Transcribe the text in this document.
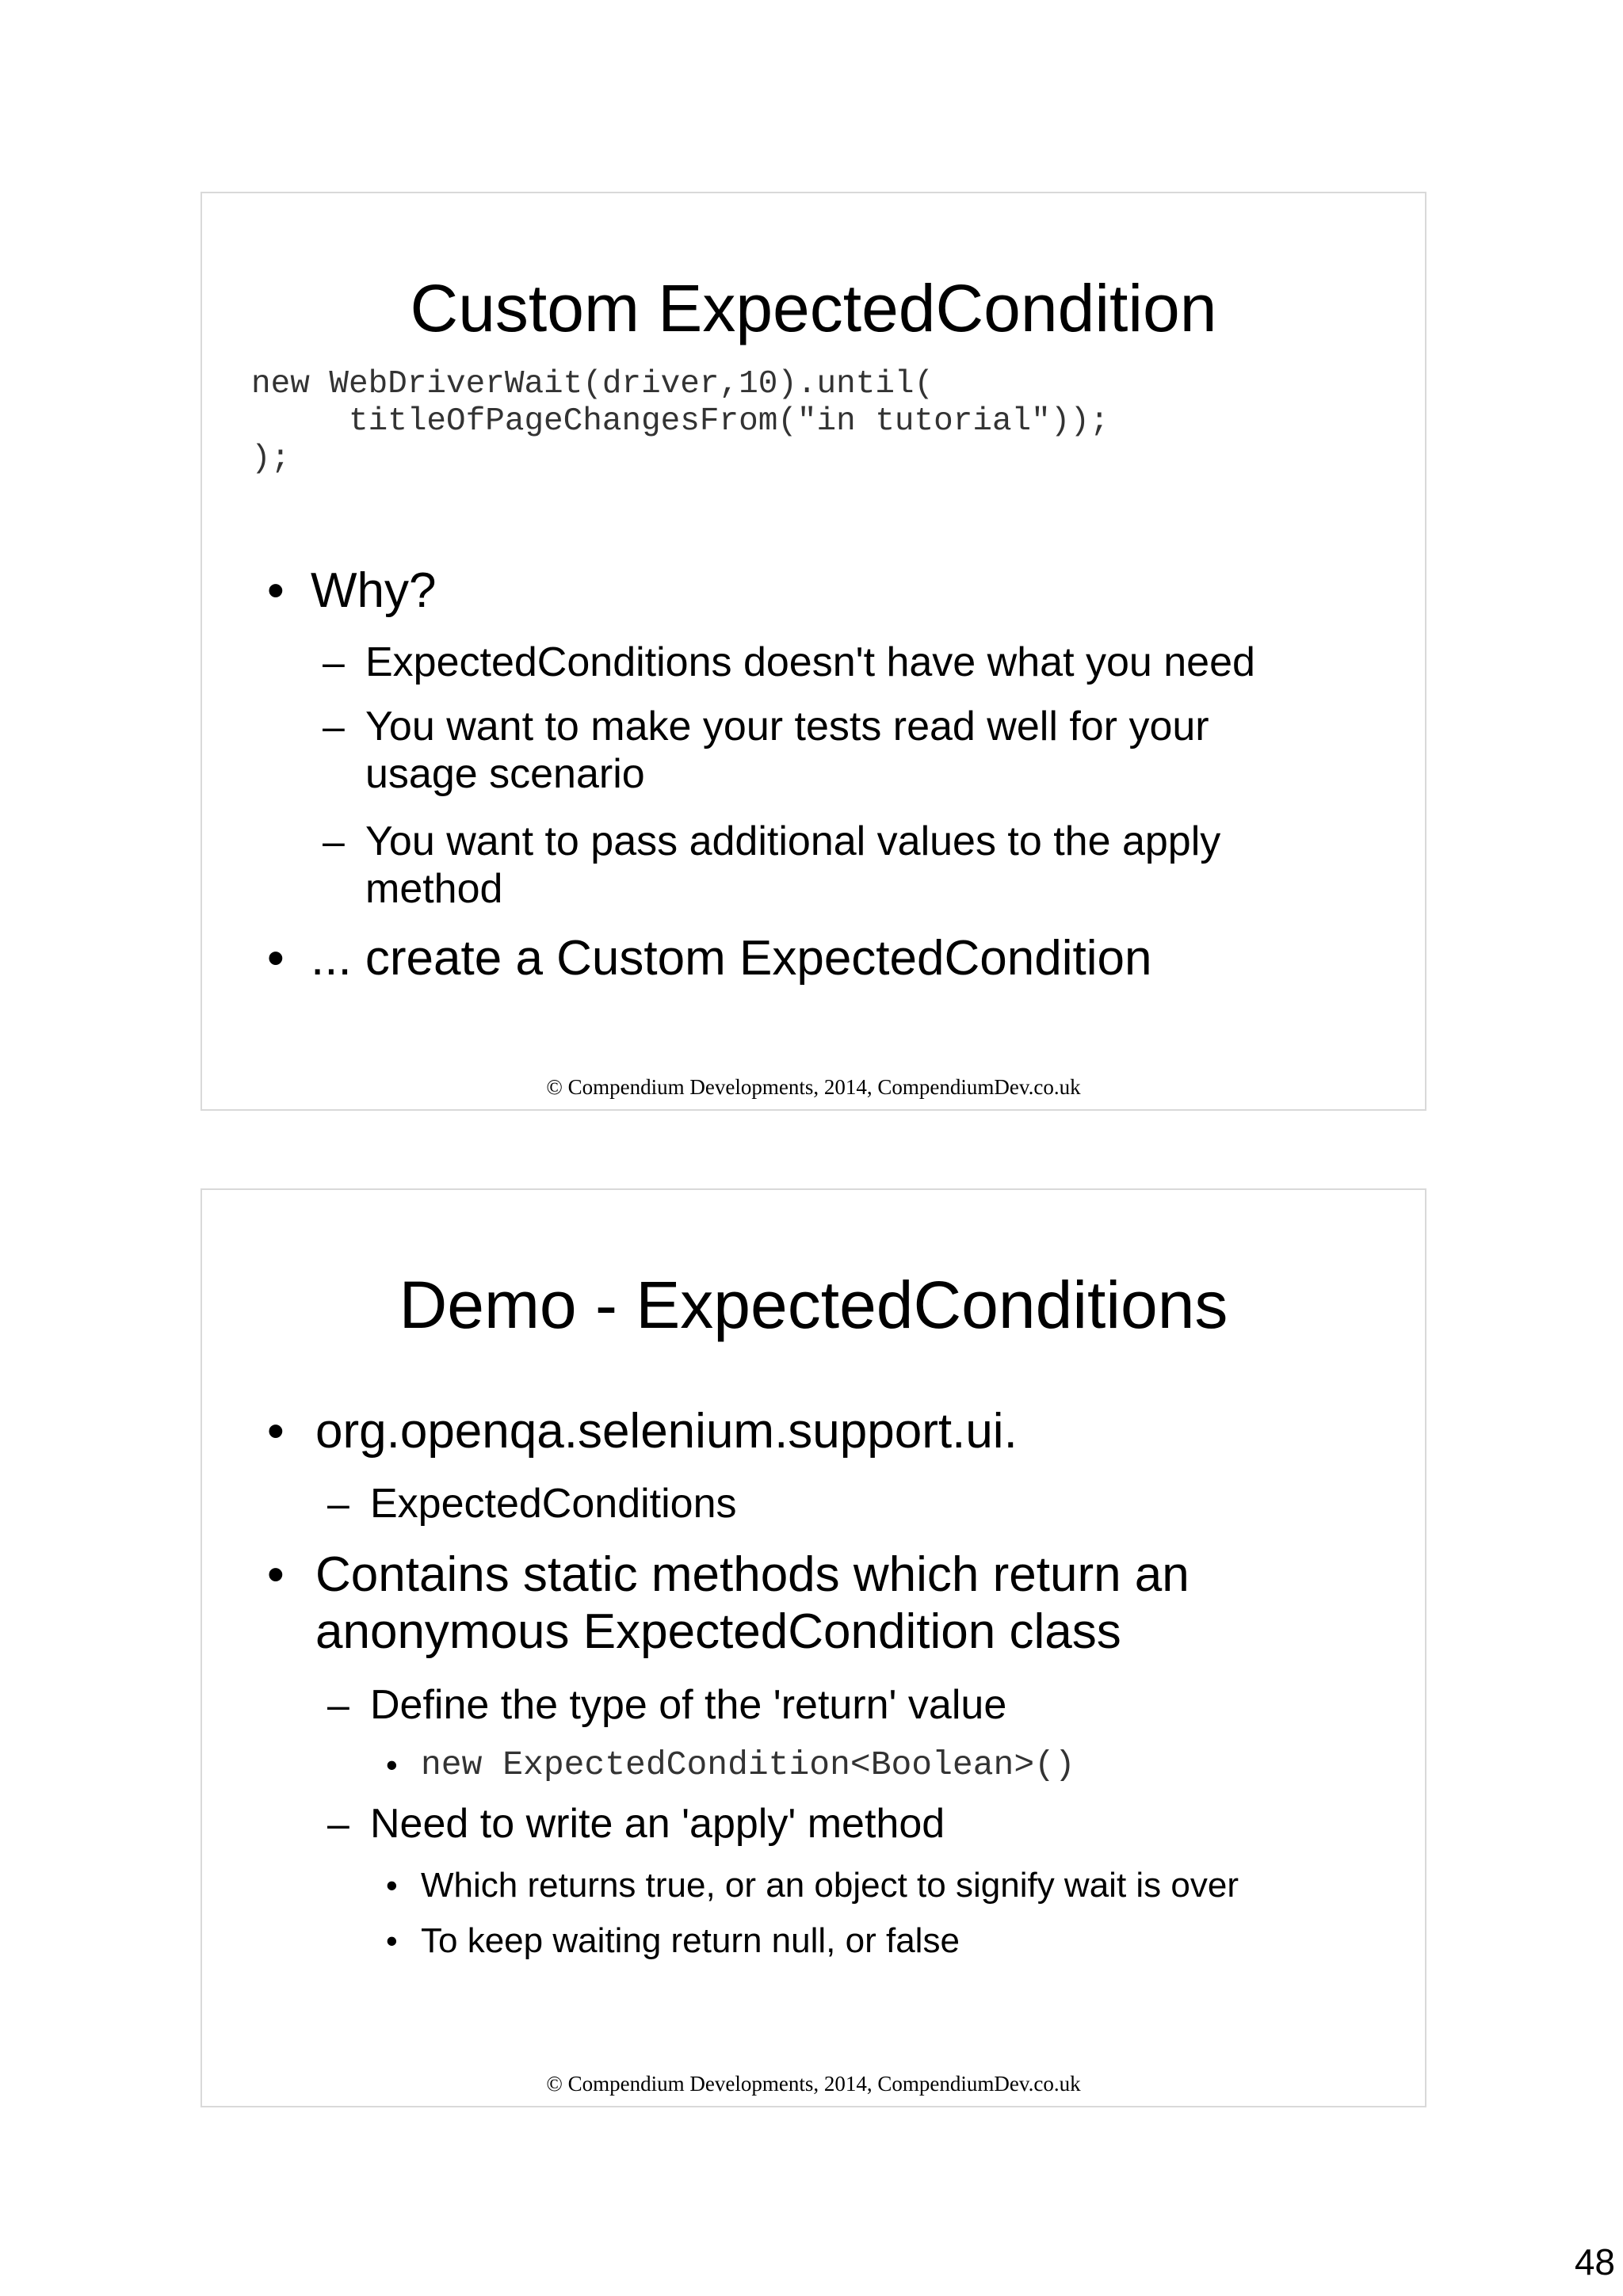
Custom ExpectedCondition
new WebDriverWait(driver,10).until(
titleOfPageChangesFrom("in tutorial"));
);
• Why?
– ExpectedConditions doesn't have what you need
– You want to make your tests read well for your
usage scenario
– You want to pass additional values to the apply
method
• ... create a Custom ExpectedCondition
© Compendium Developments, 2014, CompendiumDev.co.uk
Demo - ExpectedConditions
• org.openqa.selenium.support.ui.
– ExpectedConditions
• Contains static methods which return an
anonymous ExpectedCondition class
– Define the type of the 'return' value
• new ExpectedCondition<Boolean>()
– Need to write an 'apply' method
• Which returns true, or an object to signify wait is over
• To keep waiting return null, or false
© Compendium Developments, 2014, CompendiumDev.co.uk
48
